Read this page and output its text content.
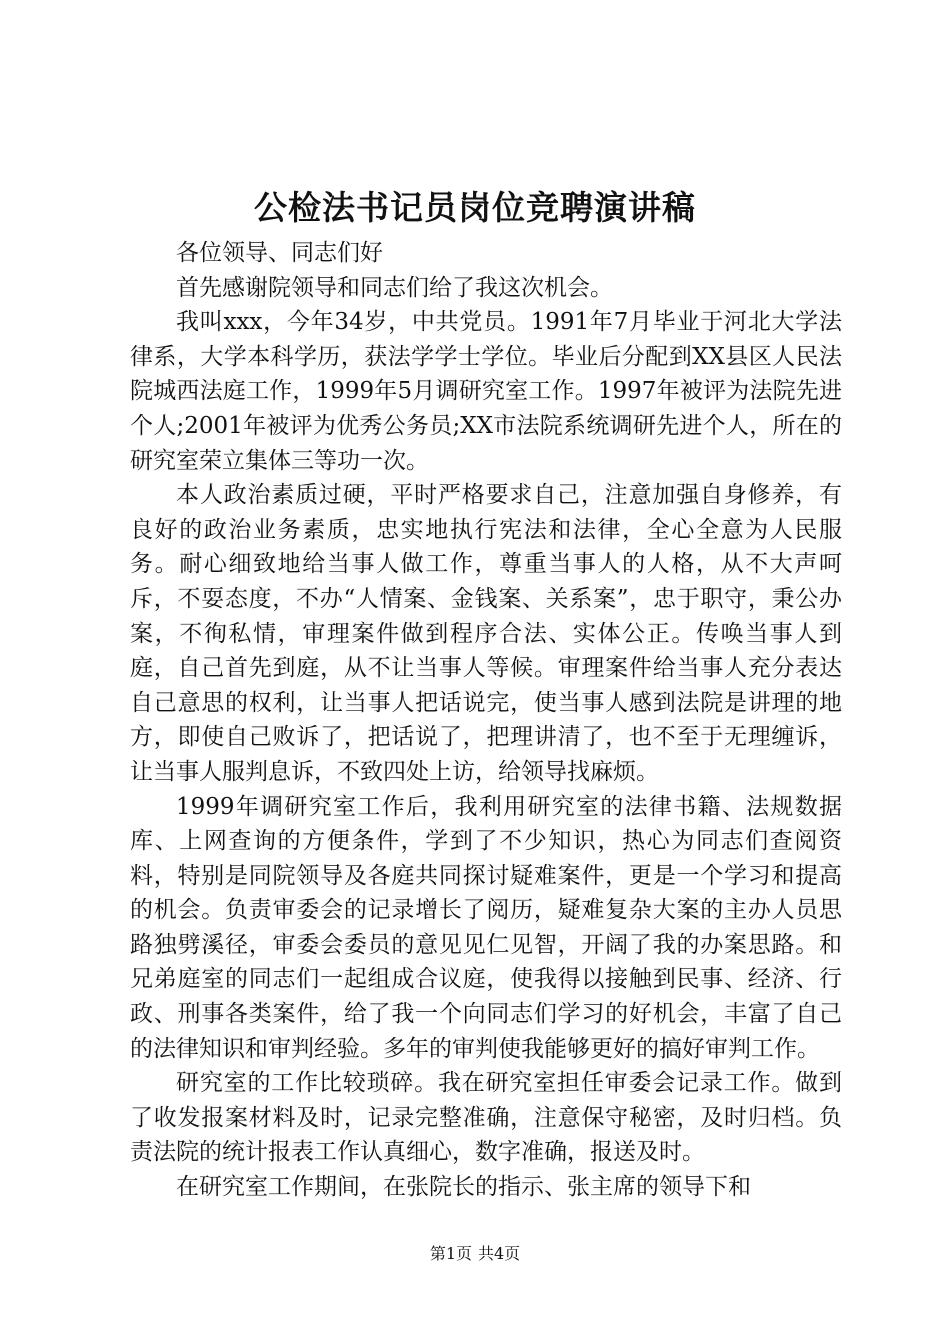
公检法书记员岗位竞聘演讲稿

各位领导、同志们好

首先感谢院领导和同志们给了我这次机会。

我叫xxx，今年34岁，中共党员。1991年7月毕业于河北大学法律系，大学本科学历，获法学学士学位。毕业后分配到XX县区人民法院城西法庭工作，1999年5月调研究室工作。1997年被评为法院先进个人;2001年被评为优秀公务员;XX市法院系统调研先进个人，所在的研究室荣立集体三等功一次。

本人政治素质过硬，平时严格要求自己，注意加强自身修养，有良好的政治业务素质，忠实地执行宪法和法律，全心全意为人民服务。耐心细致地给当事人做工作，尊重当事人的人格，从不大声呵斥，不耍态度，不办“人情案、金钱案、关系案”，忠于职守，秉公办案，不徇私情，审理案件做到程序合法、实体公正。传唤当事人到庭，自己首先到庭，从不让当事人等候。审理案件给当事人充分表达自己意思的权利，让当事人把话说完，使当事人感到法院是讲理的地方，即使自己败诉了，把话说了，把理讲清了，也不至于无理缠诉，让当事人服判息诉，不致四处上访，给领导找麻烦。

1999年调研究室工作后，我利用研究室的法律书籍、法规数据库、上网查询的方便条件，学到了不少知识，热心为同志们查阅资料，特别是同院领导及各庭共同探讨疑难案件，更是一个学习和提高的机会。负责审委会的记录增长了阅历，疑难复杂大案的主办人员思路独劈溪径，审委会委员的意见见仁见智，开阔了我的办案思路。和兄弟庭室的同志们一起组成合议庭，使我得以接触到民事、经济、行政、刑事各类案件，给了我一个向同志们学习的好机会，丰富了自己的法律知识和审判经验。多年的审判使我能够更好的搞好审判工作。

研究室的工作比较琐碎。我在研究室担任审委会记录工作。做到了收发报案材料及时，记录完整准确，注意保守秘密，及时归档。负责法院的统计报表工作认真细心，数字准确，报送及时。

在研究室工作期间，在张院长的指示、张主席的领导下和

第1页 共4页
